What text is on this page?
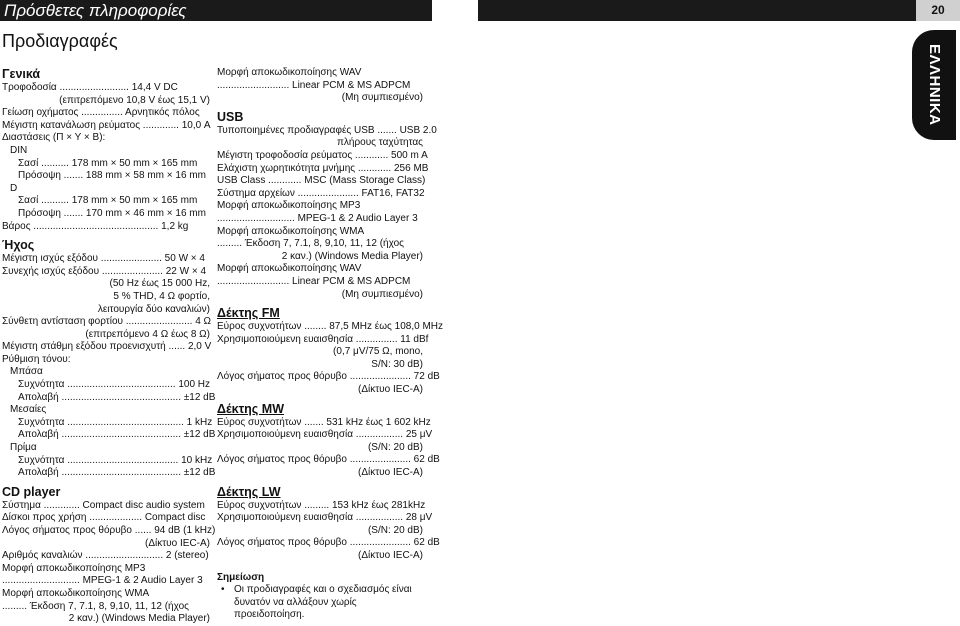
Πρόσθετες πληροφορίες	20
Προδιαγραφές
Γενικά
Τροφοδοσία ......................... 14,4 V DC
(επιτρεπόμενο 10,8 V έως 15,1 V)
Γείωση οχήματος ............... Αρνητικός πόλος
Μέγιστη κατανάλωση ρεύματος ............. 10,0 A
Διαστάσεις (Π × Υ × Β):
DIN
Σασί .......... 178 mm × 50 mm × 165 mm
Πρόσοψη ....... 188 mm × 58 mm × 16 mm
D
Σασί .......... 178 mm × 50 mm × 165 mm
Πρόσοψη ....... 170 mm × 46 mm × 16 mm
Βάρος ............................................. 1,2 kg
Ήχος
Μέγιστη ισχύς εξόδου ...................... 50 W × 4
Συνεχής ισχύς εξόδου ...................... 22 W × 4
(50 Hz έως 15 000 Hz,
5 % THD, 4 Ω φορτίο,
λειτουργία δύο καναλιών)
Σύνθετη αντίσταση φορτίου ........................ 4 Ω
(επιτρεπόμενο 4 Ω έως 8 Ω)
Μέγιστη στάθμη εξόδου προενισχυτή ...... 2,0 V
Ρύθμιση τόνου:
Μπάσα
Συχνότητα ....................................... 100 Hz
Απολαβή ........................................... ±12 dB
Μεσαίες
Συχνότητα .......................................... 1 kHz
Απολαβή ........................................... ±12 dB
Πρίμα
Συχνότητα ........................................ 10 kHz
Απολαβή ........................................... ±12 dB
CD player
Σύστημα ............. Compact disc audio system
Δίσκοι προς χρήση ................... Compact disc
Λόγος σήματος προς θόρυβο ...... 94 dB (1 kHz)
(Δίκτυο IEC-A)
Αριθμός καναλιών ............................ 2 (stereo)
Μορφή αποκωδικοποίησης MP3
............................ MPEG-1 & 2 Audio Layer 3
Μορφή αποκωδικοποίησης WMA
......... Έκδοση 7, 7.1, 8, 9,10, 11, 12 (ήχος
2 καν.) (Windows Media Player)
Μορφή αποκωδικοποίησης WAV
.......................... Linear PCM & MS ADPCM
(Μη συμπιεσμένο)
USB
Τυποποιημένες προδιαγραφές USB ....... USB 2.0
πλήρους ταχύτητας
Μέγιστη τροφοδοσία ρεύματος ............ 500 m A
Ελάχιστη χωρητικότητα μνήμης ............ 256 MB
USB Class ............ MSC (Mass Storage Class)
Σύστημα αρχείων ...................... FAT16, FAT32
Μορφή αποκωδικοποίησης MP3
............................ MPEG-1 & 2 Audio Layer 3
Μορφή αποκωδικοποίησης WMA
......... Έκδοση 7, 7.1, 8, 9,10, 11, 12 (ήχος
2 καν.) (Windows Media Player)
Μορφή αποκωδικοποίησης WAV
.......................... Linear PCM & MS ADPCM
(Μη συμπιεσμένο)
Δέκτης FM
Εύρος συχνοτήτων ........ 87,5 MHz έως 108,0 MHz
Χρησιμοποιούμενη ευαισθησία ............... 11 dBf
(0,7 μV/75 Ω, mono,
S/N: 30 dB)
Λόγος σήματος προς θόρυβο ...................... 72 dB
(Δίκτυο IEC-A)
Δέκτης MW
Εύρος συχνοτήτων ....... 531 kHz έως 1 602 kHz
Χρησιμοποιούμενη ευαισθησία ................. 25 μV
(S/N: 20 dB)
Λόγος σήματος προς θόρυβο ...................... 62 dB
(Δίκτυο IEC-A)
Δέκτης LW
Εύρος συχνοτήτων ......... 153 kHz έως 281kHz
Χρησιμοποιούμενη ευαισθησία ................. 28 μV
(S/N: 20 dB)
Λόγος σήματος προς θόρυβο ...................... 62 dB
(Δίκτυο IEC-A)
Σημείωση
• Οι προδιαγραφές και ο σχεδιασμός είναι
δυνατόν να αλλάξουν χωρίς προειδοποίηση.
ΕΛΛΗΝΙΚΑ
